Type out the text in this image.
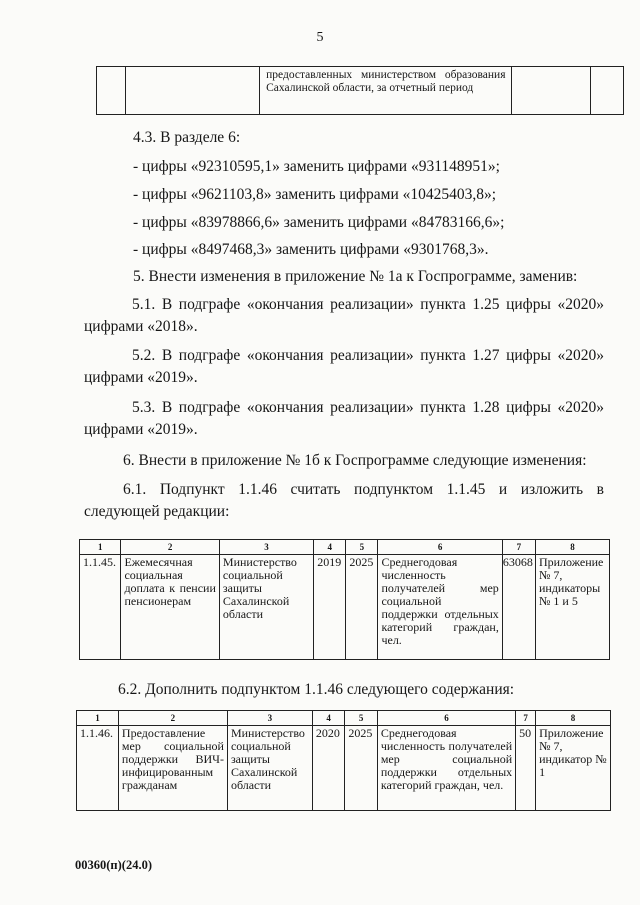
5
		предоставленных министерством образования Сахалинской области, за отчетный период		

4.3. В разделе 6:

- цифры «92310595,1» заменить цифрами «931148951»;

- цифры «9621103,8» заменить цифрами «10425403,8»;

- цифры «83978866,6» заменить цифрами «84783166,6»;

- цифры «8497468,3» заменить цифрами «9301768,3».

5. Внести изменения в приложение № 1а к Госпрограмме, заменив:

5.1. В подграфе «окончания реализации» пункта 1.25 цифры «2020» цифрами «2018».

5.2. В подграфе «окончания реализации» пункта 1.27 цифры «2020» цифрами «2019».

5.3. В подграфе «окончания реализации» пункта 1.28 цифры «2020» цифрами «2019».

6. Внести в приложение № 1б к Госпрограмме следующие изменения:

6.1. Подпункт 1.1.46 считать подпунктом 1.1.45 и изложить в следующей редакции:

1	2	3	4	5	6	7	8
1.1.45.	Ежемесячная социальная доплата к пенсии пенсионерам	Министерство социальной защиты Сахалинской области	2019	2025	Среднегодовая численность получателей мер социальной поддержки отдельных категорий граждан, чел.	63068	Приложение № 7, индикаторы № 1 и 5

6.2. Дополнить подпунктом 1.1.46 следующего содержания:

1	2	3	4	5	6	7	8
1.1.46.	Предоставление мер социальной поддержки ВИЧ-инфицированным гражданам	Министерство социальной защиты Сахалинской области	2020	2025	Среднегодовая численность получателей мер социальной поддержки отдельных категорий граждан, чел.	50	Приложение № 7, индикатор № 1
00360(п)(24.0)
